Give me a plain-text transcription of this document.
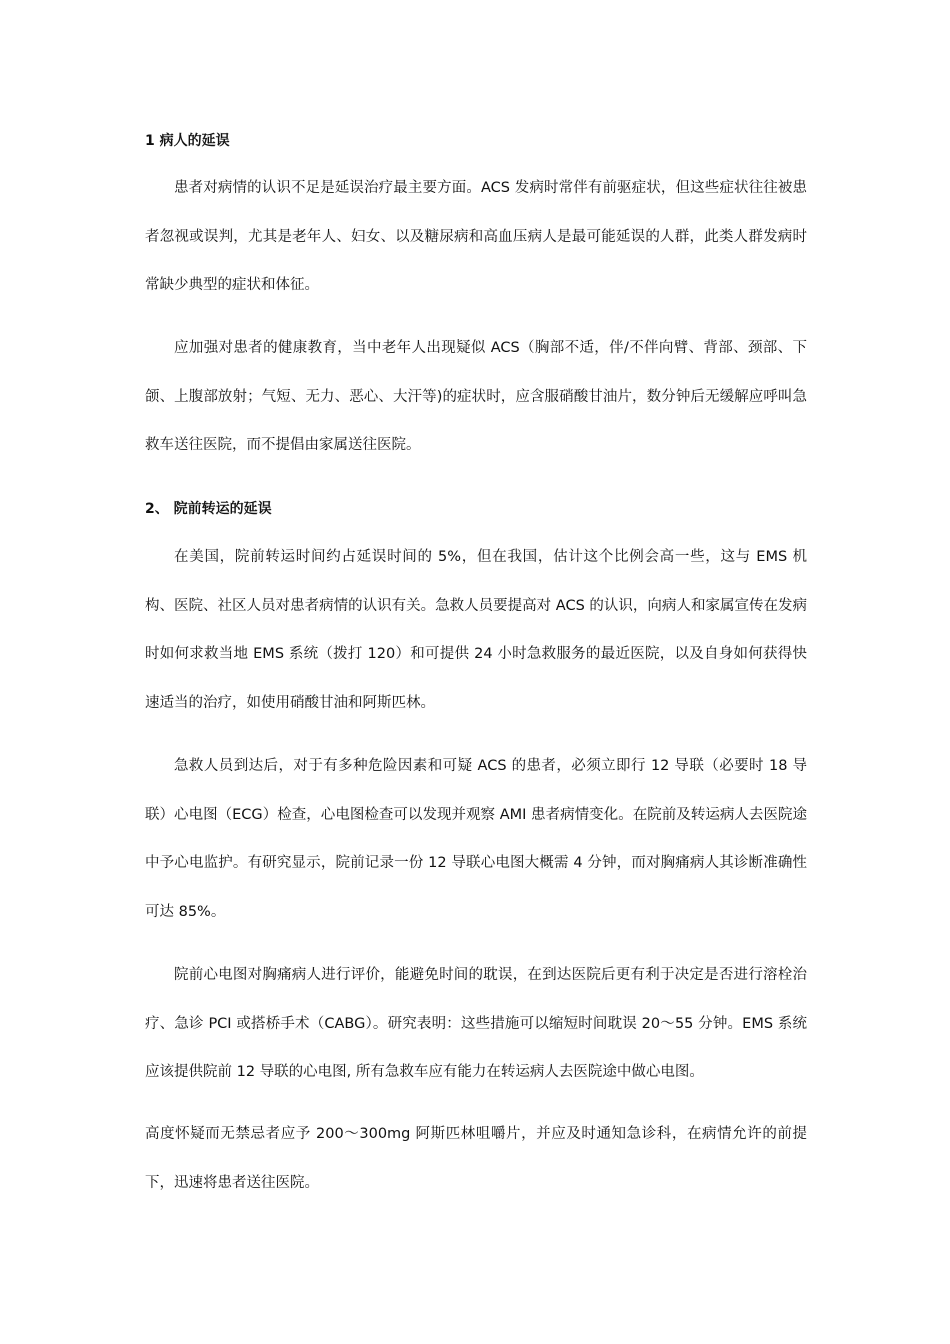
1 病人的延误

患者对病情的认识不足是延误治疗最主要方面。ACS 发病时常伴有前驱症状，但这些症状往往被患者忽视或误判，尤其是老年人、妇女、以及糖尿病和高血压病人是最可能延误的人群，此类人群发病时常缺少典型的症状和体征。

应加强对患者的健康教育，当中老年人出现疑似 ACS（胸部不适，伴/不伴向臂、背部、颈部、下颌、上腹部放射；气短、无力、恶心、大汗等)的症状时，应含服硝酸甘油片，数分钟后无缓解应呼叫急救车送往医院，而不提倡由家属送往医院。

2、 院前转运的延误

在美国，院前转运时间约占延误时间的 5%，但在我国，估计这个比例会高一些，这与 EMS 机构、医院、社区人员对患者病情的认识有关。急救人员要提高对 ACS 的认识，向病人和家属宣传在发病时如何求救当地 EMS 系统（拨打 120）和可提供 24 小时急救服务的最近医院，以及自身如何获得快速适当的治疗，如使用硝酸甘油和阿斯匹林。

急救人员到达后，对于有多种危险因素和可疑 ACS 的患者，必须立即行 12 导联（必要时 18 导联）心电图（ECG）检查，心电图检查可以发现并观察 AMI 患者病情变化。在院前及转运病人去医院途中予心电监护。有研究显示，院前记录一份 12 导联心电图大概需 4 分钟，而对胸痛病人其诊断准确性可达 85%。

院前心电图对胸痛病人进行评价，能避免时间的耽误，在到达医院后更有利于决定是否进行溶栓治疗、急诊 PCI 或搭桥手术（CABG）。研究表明：这些措施可以缩短时间耽误 20～55 分钟。EMS 系统应该提供院前 12 导联的心电图, 所有急救车应有能力在转运病人去医院途中做心电图。

高度怀疑而无禁忌者应予 200～300mg 阿斯匹林咀嚼片，并应及时通知急诊科，在病情允许的前提下，迅速将患者送往医院。
